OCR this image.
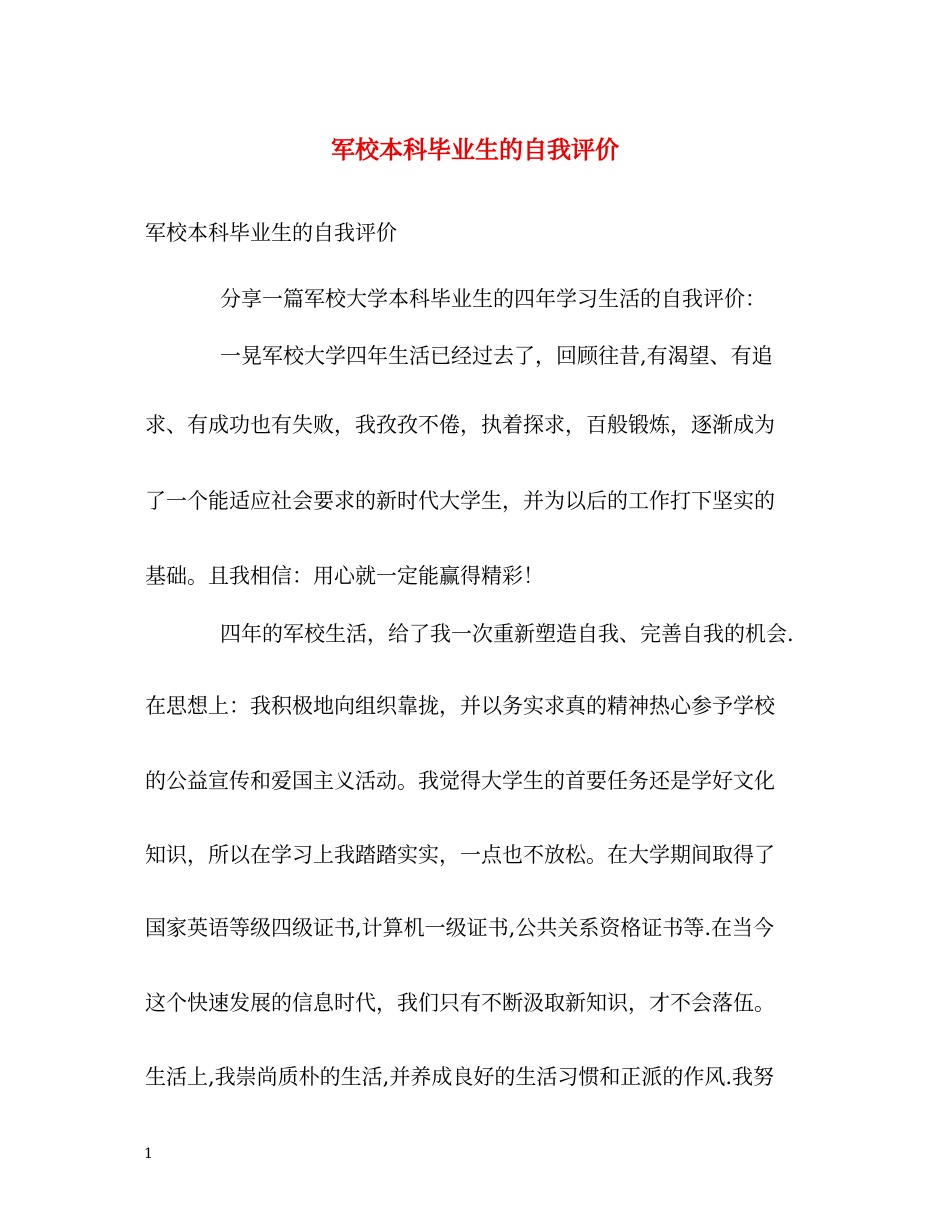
军校本科毕业生的自我评价
军校本科毕业生的自我评价
分享一篇军校大学本科毕业生的四年学习生活的自我评价：
一晃军校大学四年生活已经过去了，回顾往昔,有渴望、有追
求、有成功也有失败，我孜孜不倦，执着探求，百般锻炼，逐渐成为
了一个能适应社会要求的新时代大学生，并为以后的工作打下坚实的
基础。且我相信：用心就一定能赢得精彩！
四年的军校生活，给了我一次重新塑造自我、完善自我的机会.
在思想上：我积极地向组织靠拢，并以务实求真的精神热心参予学校
的公益宣传和爱国主义活动。我觉得大学生的首要任务还是学好文化
知识，所以在学习上我踏踏实实，一点也不放松。在大学期间取得了
国家英语等级四级证书,计算机一级证书,公共关系资格证书等.在当今
这个快速发展的信息时代，我们只有不断汲取新知识，才不会落伍。
生活上,我崇尚质朴的生活,并养成良好的生活习惯和正派的作风.我努
1
